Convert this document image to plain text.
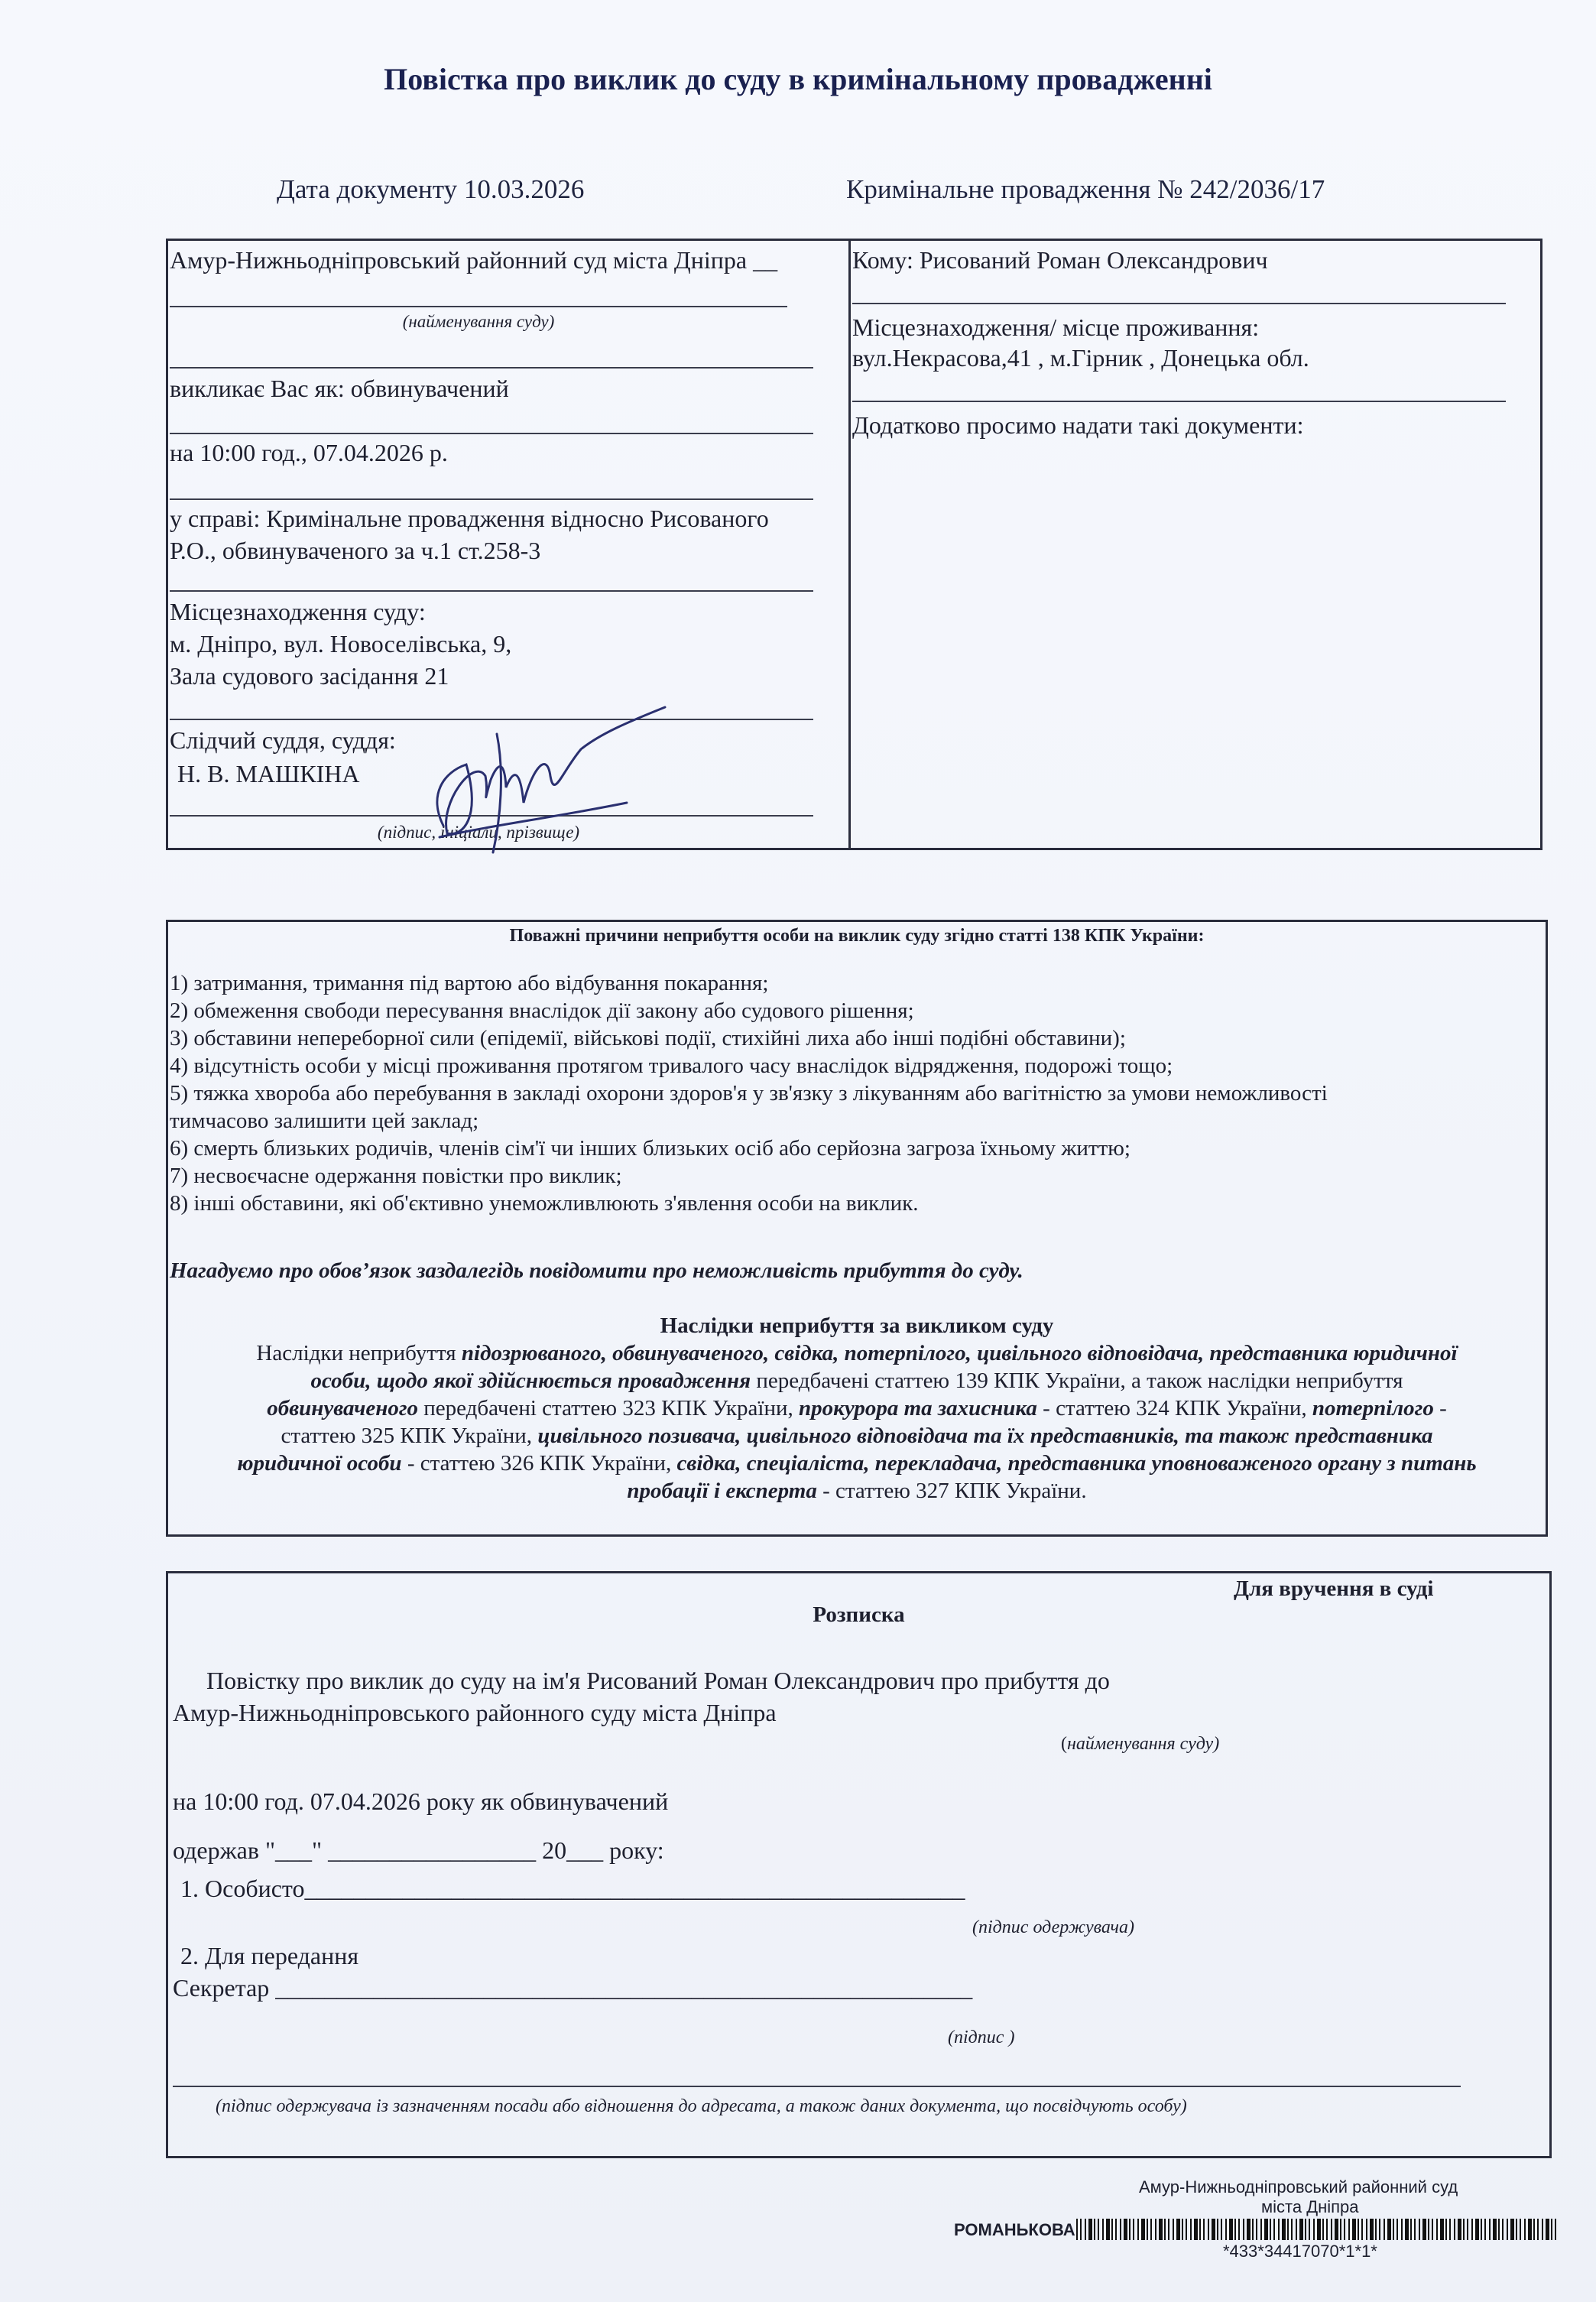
Повістка про виклик до суду в кримінальному провадженні
Дата документу 10.03.2026	Кримінальне провадження № 242/2036/17
Амур-Нижньодніпровський районний суд міста Дніпра __
(найменування суду)
викликає Вас як: обвинувачений
на 10:00 год., 07.04.2026 р.
у справі: Кримінальне провадження відносно Рисованого
Р.О., обвинуваченого за ч.1 ст.258-3
Місцезнаходження суду:
м. Дніпро, вул. Новоселівська, 9,
Зала судового засідання 21
Слідчий суддя, суддя:
Н. В. МАШКІНА
(підпис, ініціали, прізвище)
Кому: Рисований Роман Олександрович
Місцезнаходження/ місце проживання:
вул.Некрасова,41 , м.Гірник , Донецька обл.
Додатково просимо надати такі документи:
Поважні причини неприбуття особи на виклик суду згідно статті 138 КПК України:
1) затримання, тримання під вартою або відбування покарання;
2) обмеження свободи пересування внаслідок дії закону або судового рішення;
3) обставини непереборної сили (епідемії, військові події, стихійні лиха або інші подібні обставини);
4) відсутність особи у місці проживання протягом тривалого часу внаслідок відрядження, подорожі тощо;
5) тяжка хвороба або перебування в закладі охорони здоров'я у зв'язку з лікуванням або вагітністю за умови неможливості
тимчасово залишити цей заклад;
6) смерть близьких родичів, членів сім'ї чи інших близьких осіб або серйозна загроза їхньому життю;
7) несвоєчасне одержання повістки про виклик;
8) інші обставини, які об'єктивно унеможливлюють з'явлення особи на виклик.
Нагадуємо про обов’язок заздалегідь повідомити про неможливість прибуття до суду.
Наслідки неприбуття за викликом суду
Наслідки неприбуття підозрюваного, обвинуваченого, свідка, потерпілого, цивільного відповідача, представника юридичної
особи, щодо якої здійснюється провадження передбачені статтею 139 КПК України, а також наслідки неприбуття
обвинуваченого передбачені статтею 323 КПК України, прокурора та захисника - статтею 324 КПК України, потерпілого -
статтею 325 КПК України, цивільного позивача, цивільного відповідача та їх представників, та також представника
юридичної особи - статтею 326 КПК України, свідка, спеціаліста, перекладача, представника уповноваженого органу з питань
пробації і експерта - статтею 327 КПК України.
Для вручення в суді
Розписка
Повістку про виклик до суду на ім'я Рисований Роман Олександрович про прибуття до
Амур-Нижньодніпровського районного суду міста Дніпра
(найменування суду)
на 10:00 год. 07.04.2026 року як обвинувачений
одержав "___" _________________ 20___ року:
1. Особисто______________________________________________________
(підпис одержувача)
2. Для передання
Секретар _________________________________________________________
(підпис )
(підпис одержувача із зазначенням посади або відношення до адресата, а також даних документа, що посвідчують особу)
Амур-Нижньодніпровський районний суд
міста Дніпра
РОМАНЬКОВА
*433*34417070*1*1*
